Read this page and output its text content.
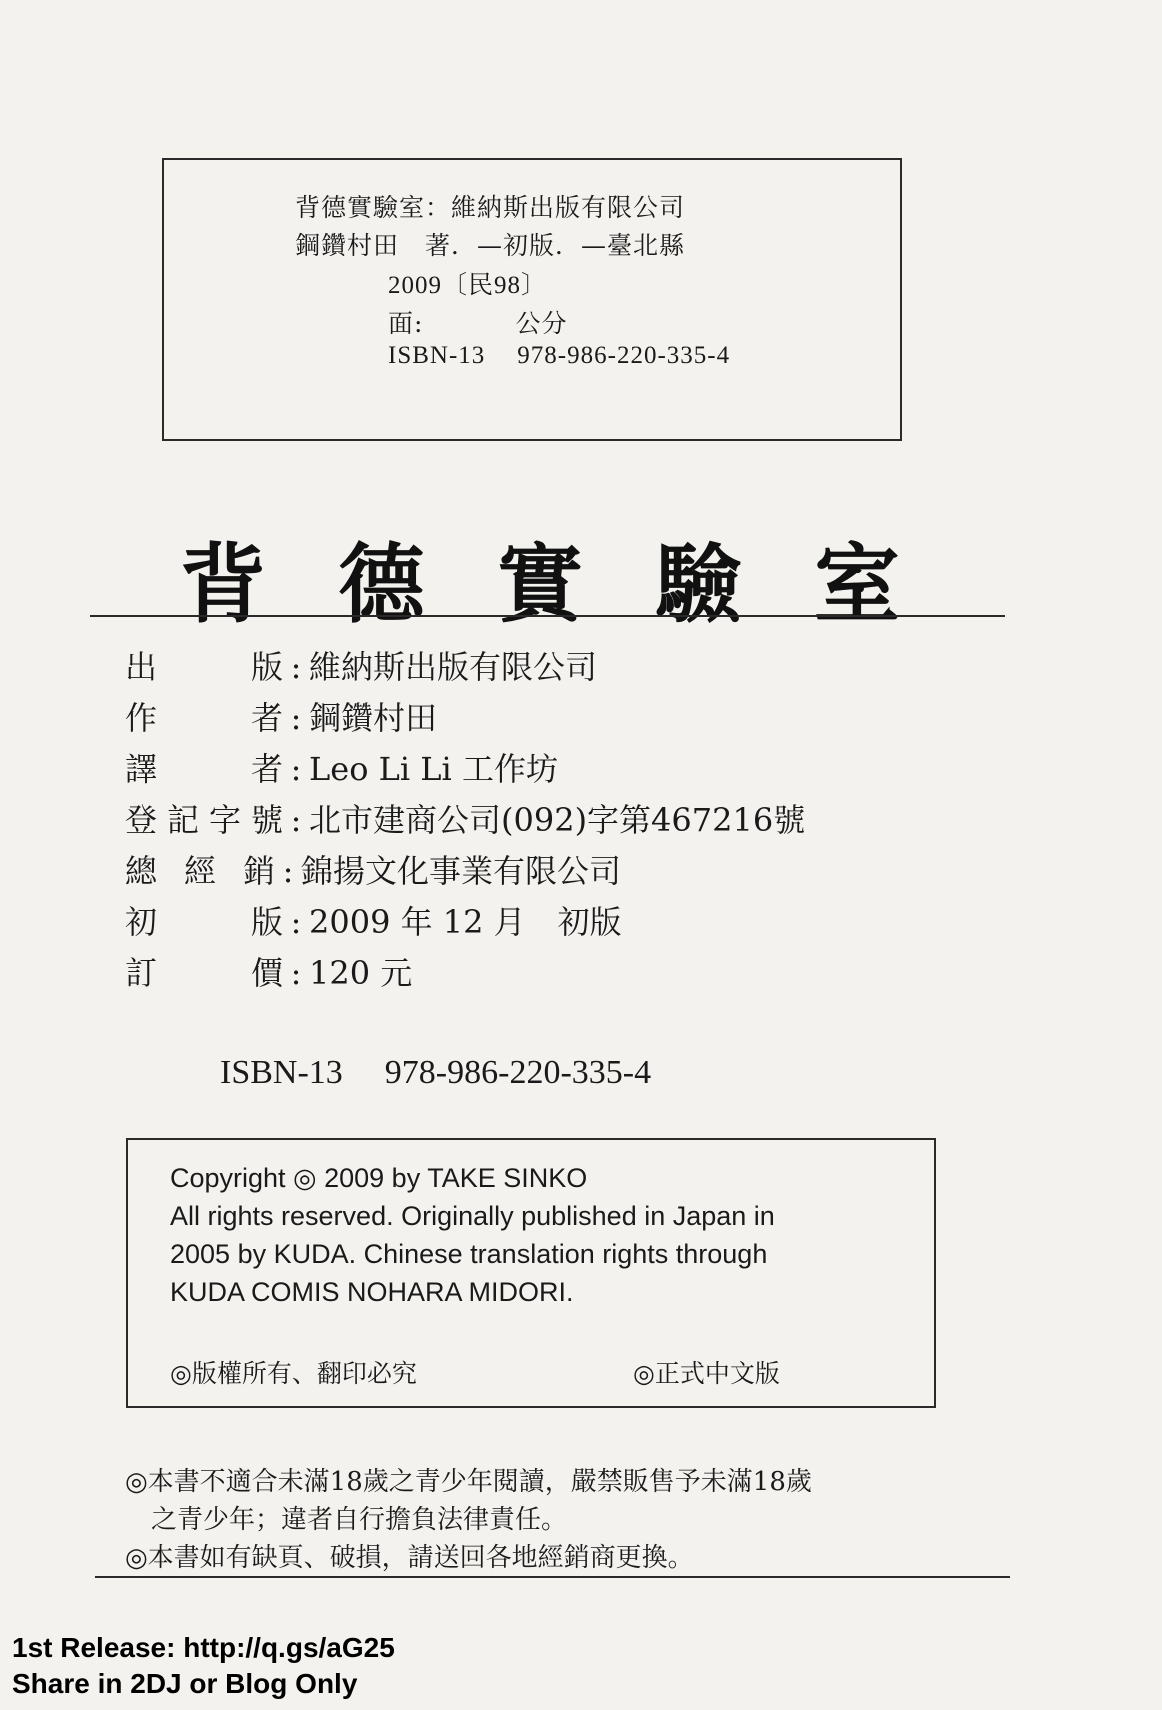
背德實驗室：維納斯出版有限公司
鋼鑽村田　著．—初版．—臺北縣
2009〔民98〕
面:	公分
ISBN-13 978-986-220-335-4
背 德 實 驗 室
出	版 : 維納斯出版有限公司
作	者 : 鋼鑽村田
譯	者 : Leo Li Li 工作坊
登 記 字 號 : 北市建商公司(092)字第467216號
總 經 銷 : 錦揚文化事業有限公司
初	版 : 2009 年 12 月　初版
訂	價 : 120 元
ISBN-13 978-986-220-335-4
Copyright ◎ 2009 by TAKE SINKO
All rights reserved. Originally published in Japan in
2005 by KUDA. Chinese translation rights through
KUDA COMIS NOHARA MIDORI.
◎版權所有、翻印必究	◎正式中文版
◎本書不適合未滿18歲之青少年閱讀，嚴禁販售予未滿18歲
　之青少年；違者自行擔負法律責任。
◎本書如有缺頁、破損，請送回各地經銷商更換。
1st Release: http://q.gs/aG25
Share in 2DJ or Blog Only
